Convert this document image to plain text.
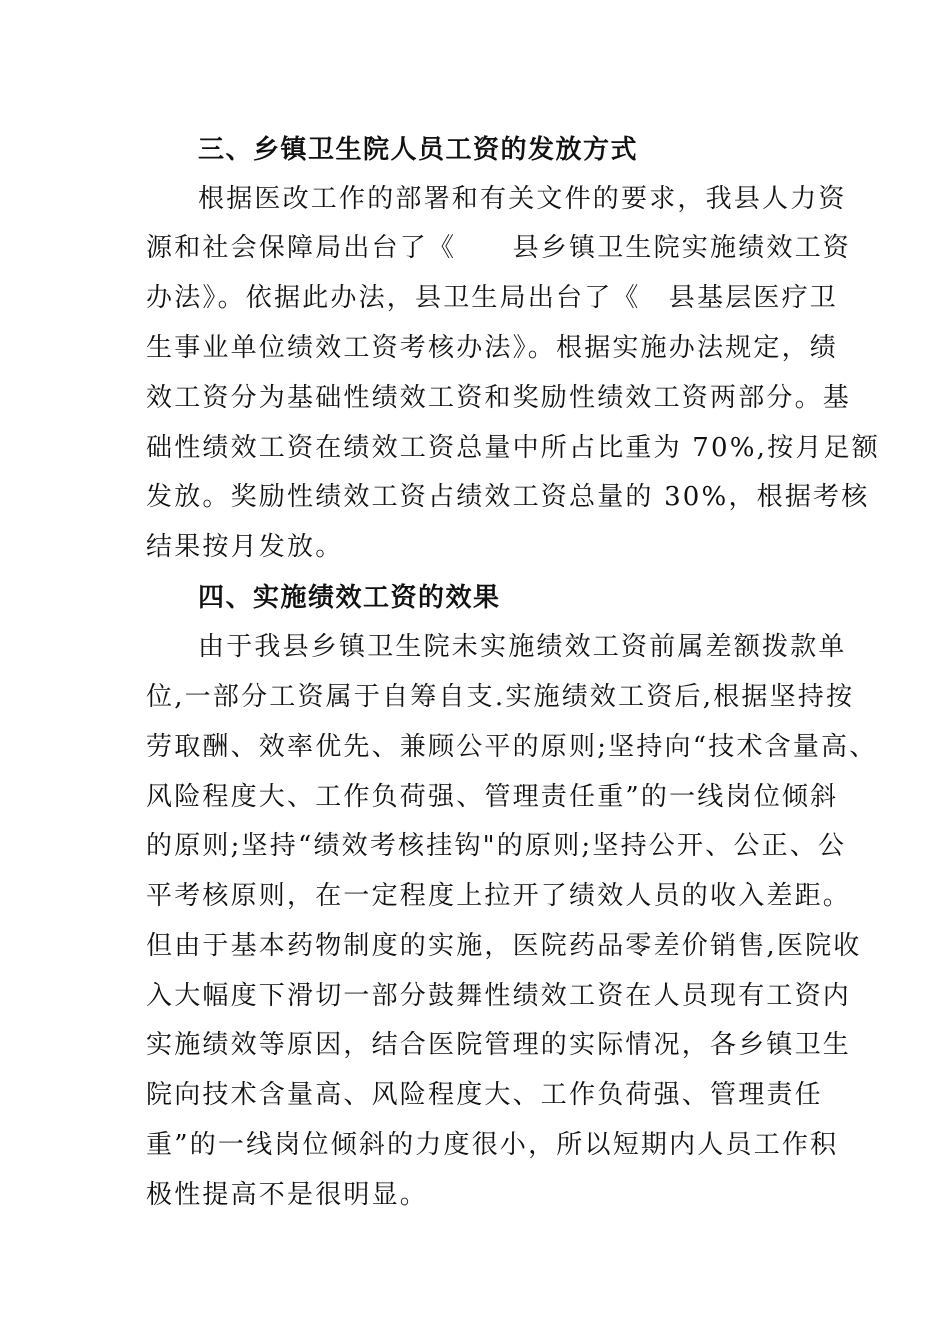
三、乡镇卫生院人员工资的发放方式
根据医改工作的部署和有关文件的要求，我县人力资
源和社会保障局出台了《　　县乡镇卫生院实施绩效工资
办法》。依据此办法，县卫生局出台了《　县基层医疗卫
生事业单位绩效工资考核办法》。根据实施办法规定，绩
效工资分为基础性绩效工资和奖励性绩效工资两部分。基
础性绩效工资在绩效工资总量中所占比重为 70%,按月足额
发放。奖励性绩效工资占绩效工资总量的 30%，根据考核
结果按月发放。
四、实施绩效工资的效果
由于我县乡镇卫生院未实施绩效工资前属差额拨款单
位,一部分工资属于自筹自支.实施绩效工资后,根据坚持按
劳取酬、效率优先、兼顾公平的原则;坚持向“技术含量高、
风险程度大、工作负荷强、管理责任重”的一线岗位倾斜
的原则;坚持“绩效考核挂钩"的原则;坚持公开、公正、公
平考核原则，在一定程度上拉开了绩效人员的收入差距。
但由于基本药物制度的实施，医院药品零差价销售,医院收
入大幅度下滑切一部分鼓舞性绩效工资在人员现有工资内
实施绩效等原因，结合医院管理的实际情况，各乡镇卫生
院向技术含量高、风险程度大、工作负荷强、管理责任
重”的一线岗位倾斜的力度很小，所以短期内人员工作积
极性提高不是很明显。
